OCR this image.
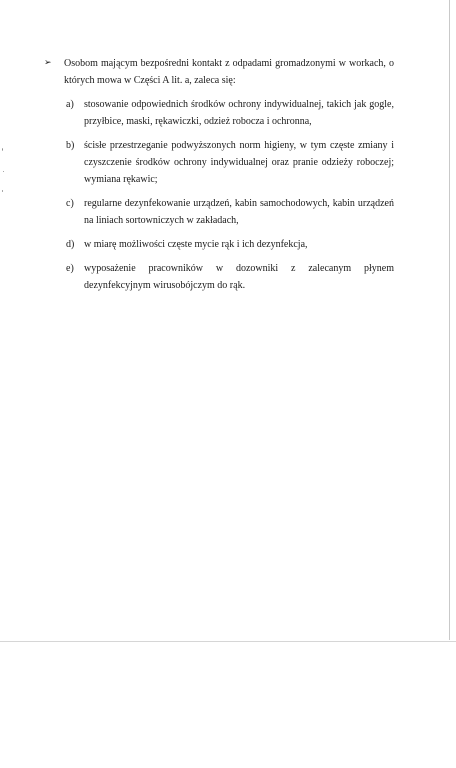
➢ Osobom mającym bezpośredni kontakt z odpadami gromadzonymi w workach, o których mowa w Części A lit. a, zaleca się:
a) stosowanie odpowiednich środków ochrony indywidualnej, takich jak gogle, przyłbice, maski, rękawiczki, odzież robocza i ochronna,
b) ścisłe przestrzeganie podwyższonych norm higieny, w tym częste zmiany i czyszczenie środków ochrony indywidualnej oraz pranie odzieży roboczej; wymiana rękawic;
c) regularne dezynfekowanie urządzeń, kabin samochodowych, kabin urządzeń na liniach sortowniczych w zakładach,
d) w miarę możliwości częste mycie rąk i ich dezynfekcja,
e) wyposażenie pracowników w dozowniki z zalecanym płynem dezynfekcyjnym wirusobójczym do rąk.
